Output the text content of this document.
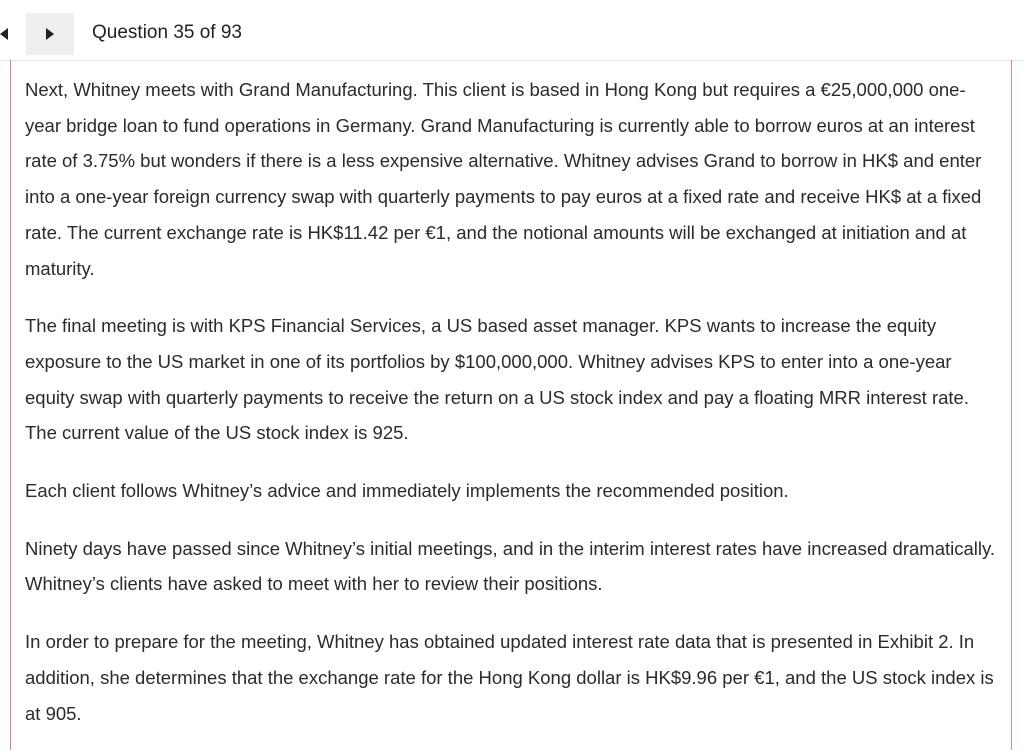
Question 35 of 93

Next, Whitney meets with Grand Manufacturing. This client is based in Hong Kong but requires a €25,000,000 one-year bridge loan to fund operations in Germany. Grand Manufacturing is currently able to borrow euros at an interest rate of 3.75% but wonders if there is a less expensive alternative. Whitney advises Grand to borrow in HK$ and enter into a one-year foreign currency swap with quarterly payments to pay euros at a fixed rate and receive HK$ at a fixed rate. The current exchange rate is HK$11.42 per €1, and the notional amounts will be exchanged at initiation and at maturity.

The final meeting is with KPS Financial Services, a US based asset manager. KPS wants to increase the equity exposure to the US market in one of its portfolios by $100,000,000. Whitney advises KPS to enter into a one-year equity swap with quarterly payments to receive the return on a US stock index and pay a floating MRR interest rate. The current value of the US stock index is 925.

Each client follows Whitney’s advice and immediately implements the recommended position.

Ninety days have passed since Whitney’s initial meetings, and in the interim interest rates have increased dramatically. Whitney’s clients have asked to meet with her to review their positions.

In order to prepare for the meeting, Whitney has obtained updated interest rate data that is presented in Exhibit 2. In addition, she determines that the exchange rate for the Hong Kong dollar is HK$9.96 per €1, and the US stock index is at 905.
